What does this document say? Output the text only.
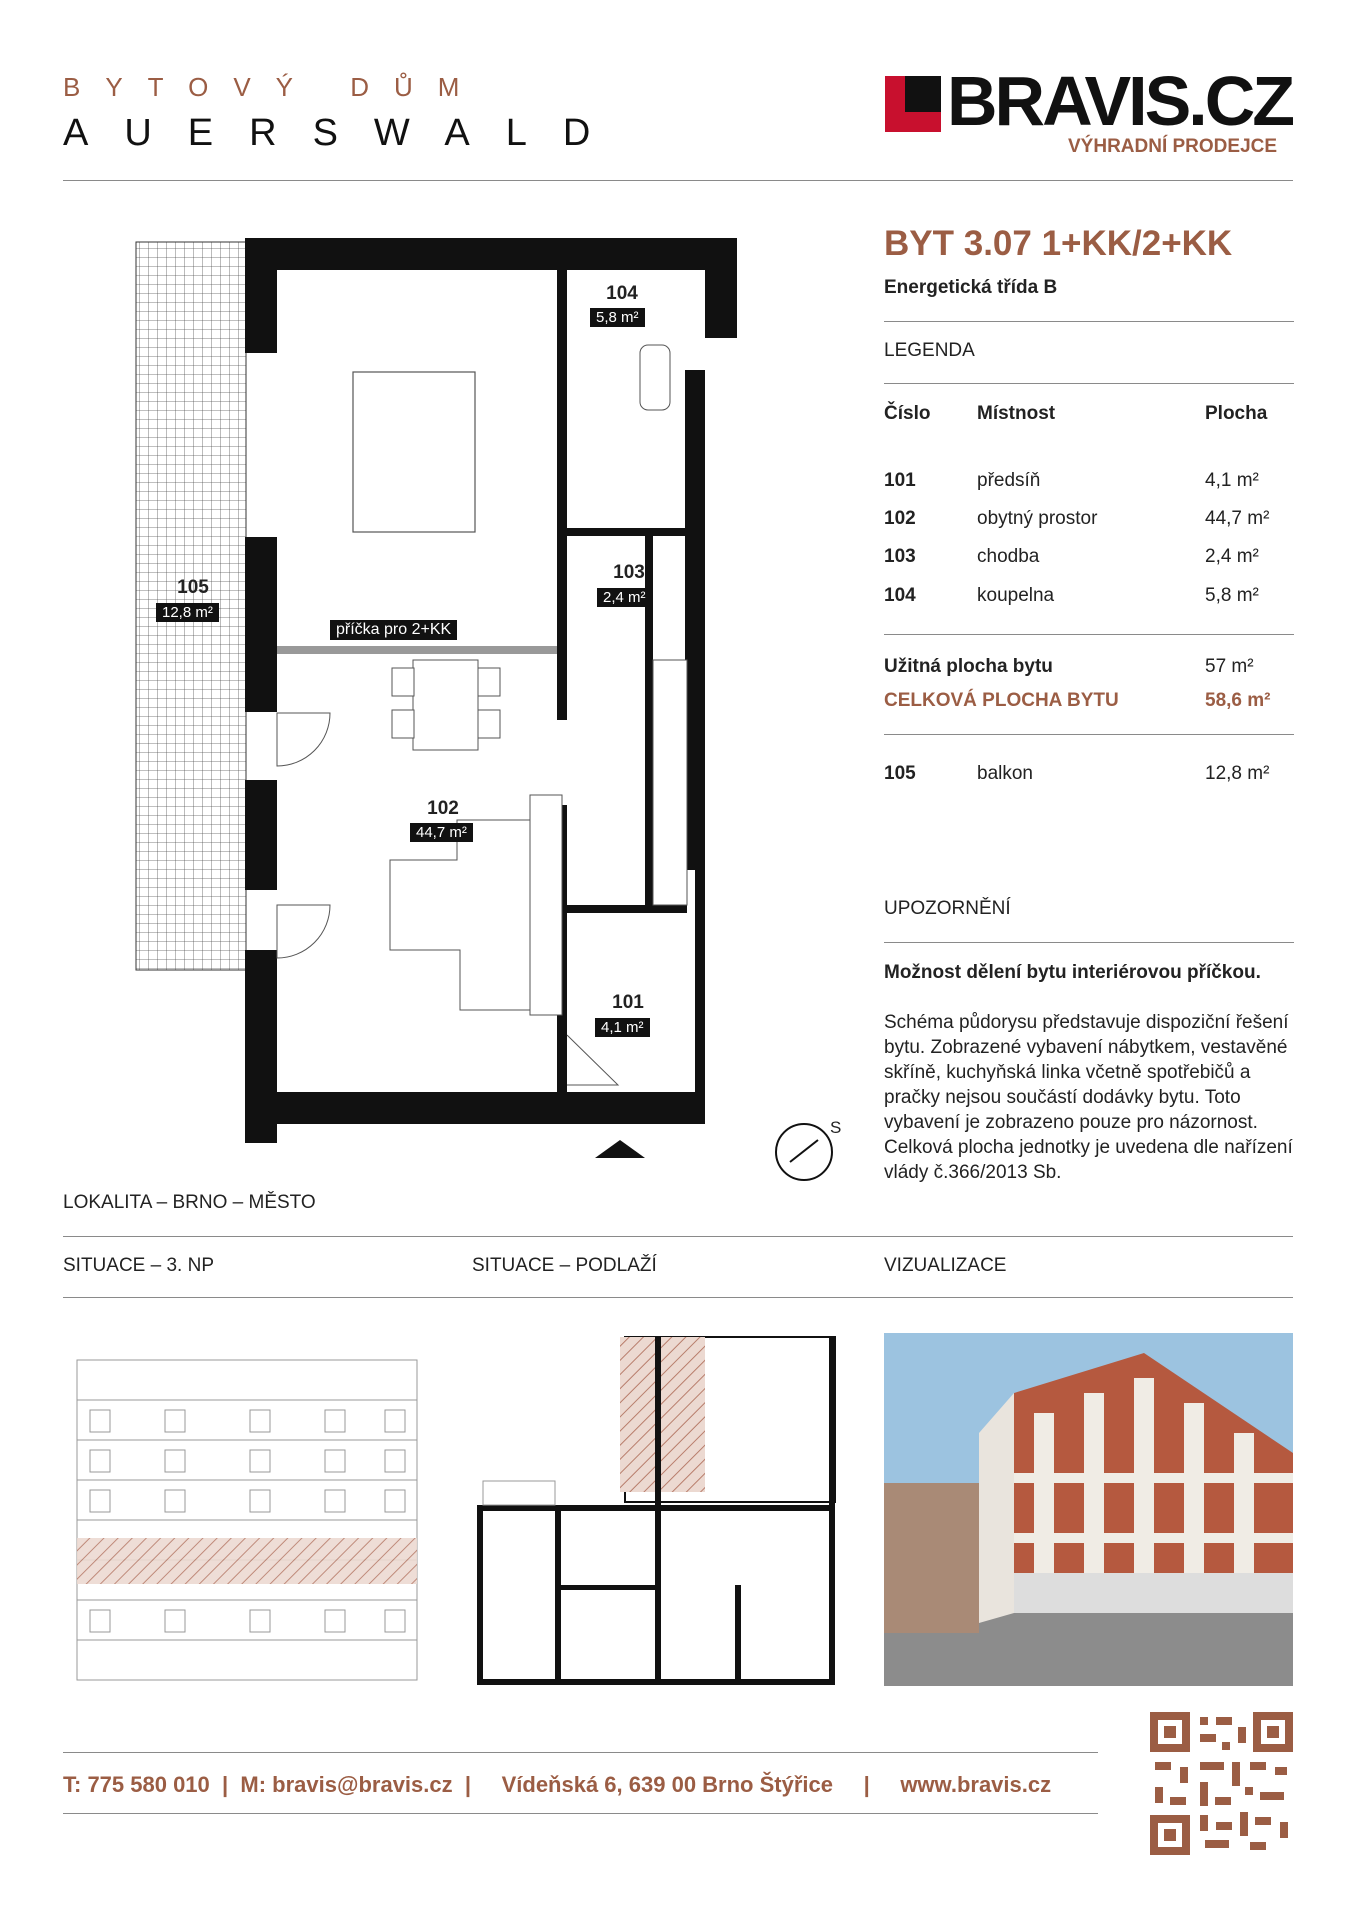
BYTOVÝ DŮM
AUERSWALD	BRAVIS.CZ
VÝHRADNÍ PRODEJCE
104
5,8 m²
103
2,4 m²
105
12,8 m²
102
44,7 m²
101
4,1 m²
příčka pro 2+KK
S
BYT 3.07 1+KK/2+KK
Energetická třída B
LEGENDA
Číslo Místnost	Plocha
101	předsíň	4,1 m²
102	obytný prostor	44,7 m²
103	chodba	2,4 m²
104	koupelna	5,8 m²
Užitná plocha bytu	57 m²
CELKOVÁ PLOCHA BYTU	58,6 m²
105	balkon	12,8 m²
UPOZORNĚNÍ
Možnost dělení bytu interiérovou příčkou.
Schéma půdorysu představuje dispoziční řešení bytu. Zobrazené vybavení nábytkem, vestavěné skříně, kuchyňská linka včetně spotřebičů a pračky nejsou součástí dodávky bytu. Toto vybavení je zobrazeno pouze pro názornost. Celková plocha jednotky je uvedena dle nařízení vlády č.366/2013 Sb.
LOKALITA – BRNO – MĚSTO
SITUACE – 3. NP	SITUACE – PODLAŽÍ	VIZUALIZACE
T: 775 580 010  |  M: bravis@bravis.cz  |     Vídeňská 6, 639 00 Brno Štýřice     |     www.bravis.cz
